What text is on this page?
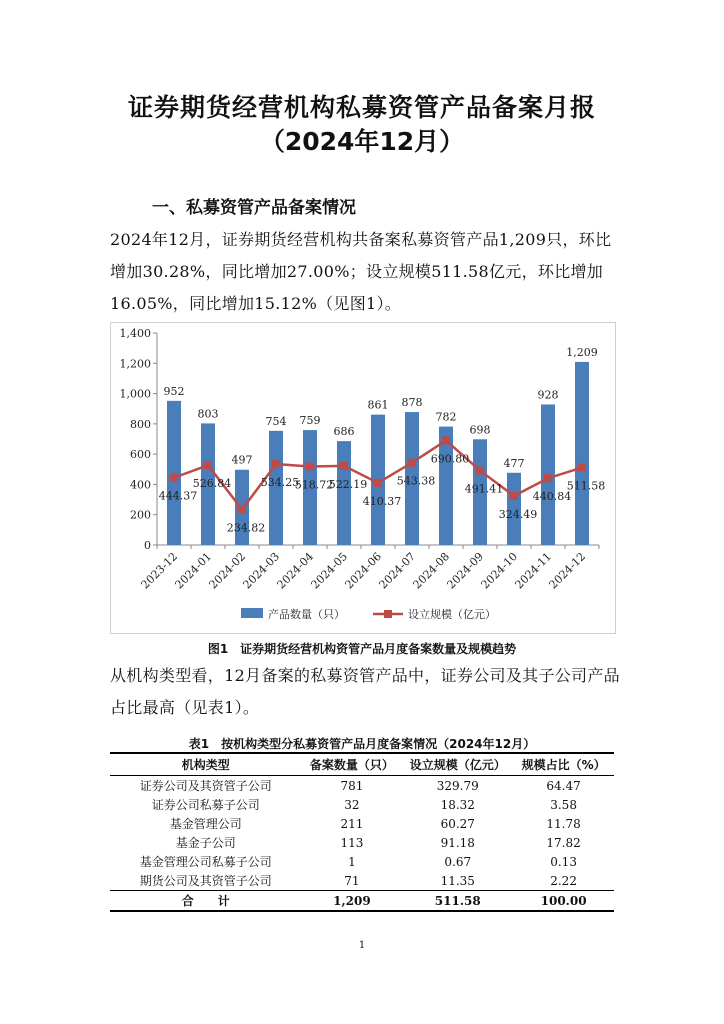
证券期货经营机构私募资管产品备案月报
（2024年12月）
一、私募资管产品备案情况
2024年12月，证券期货经营机构共备案私募资管产品1,209只，环比增加30.28%，同比增加27.00%；设立规模511.58亿元，环比增加16.05%，同比增加15.12%（见图1）。
0
200
400
600
800
1,000
1,200
1,400
952
803
497
754 759
686
861 878
782
698
477
928
1,209
444.37
526.84
234.82
534.25
518.72
522.19
410.37
543.38
690.80
491.41
324.49
440.84
511.58
2023-12
2024-01
2024-02
2024-03
2024-04
2024-05
2024-06
2024-07
2024-08
2024-09
2024-10
2024-11
2024-12
产品数量（只）	设立规模（亿元）
图1　证券期货经营机构资管产品月度备案数量及规模趋势
从机构类型看，12月备案的私募资管产品中，证券公司及其子公司产品占比最高（见表1）。
表1　按机构类型分私募资管产品月度备案情况（2024年12月）
机构类型	备案数量（只）	设立规模（亿元）	规模占比（%）
证券公司及其资管子公司	781	329.79	64.47
证券公司私募子公司	32	18.32	3.58
基金管理公司	211	60.27	11.78
基金子公司	113	91.18	17.82
基金管理公司私募子公司	1	0.67	0.13
期货公司及其资管子公司	71	11.35	2.22
合　　计	1,209	511.58	100.00
1
